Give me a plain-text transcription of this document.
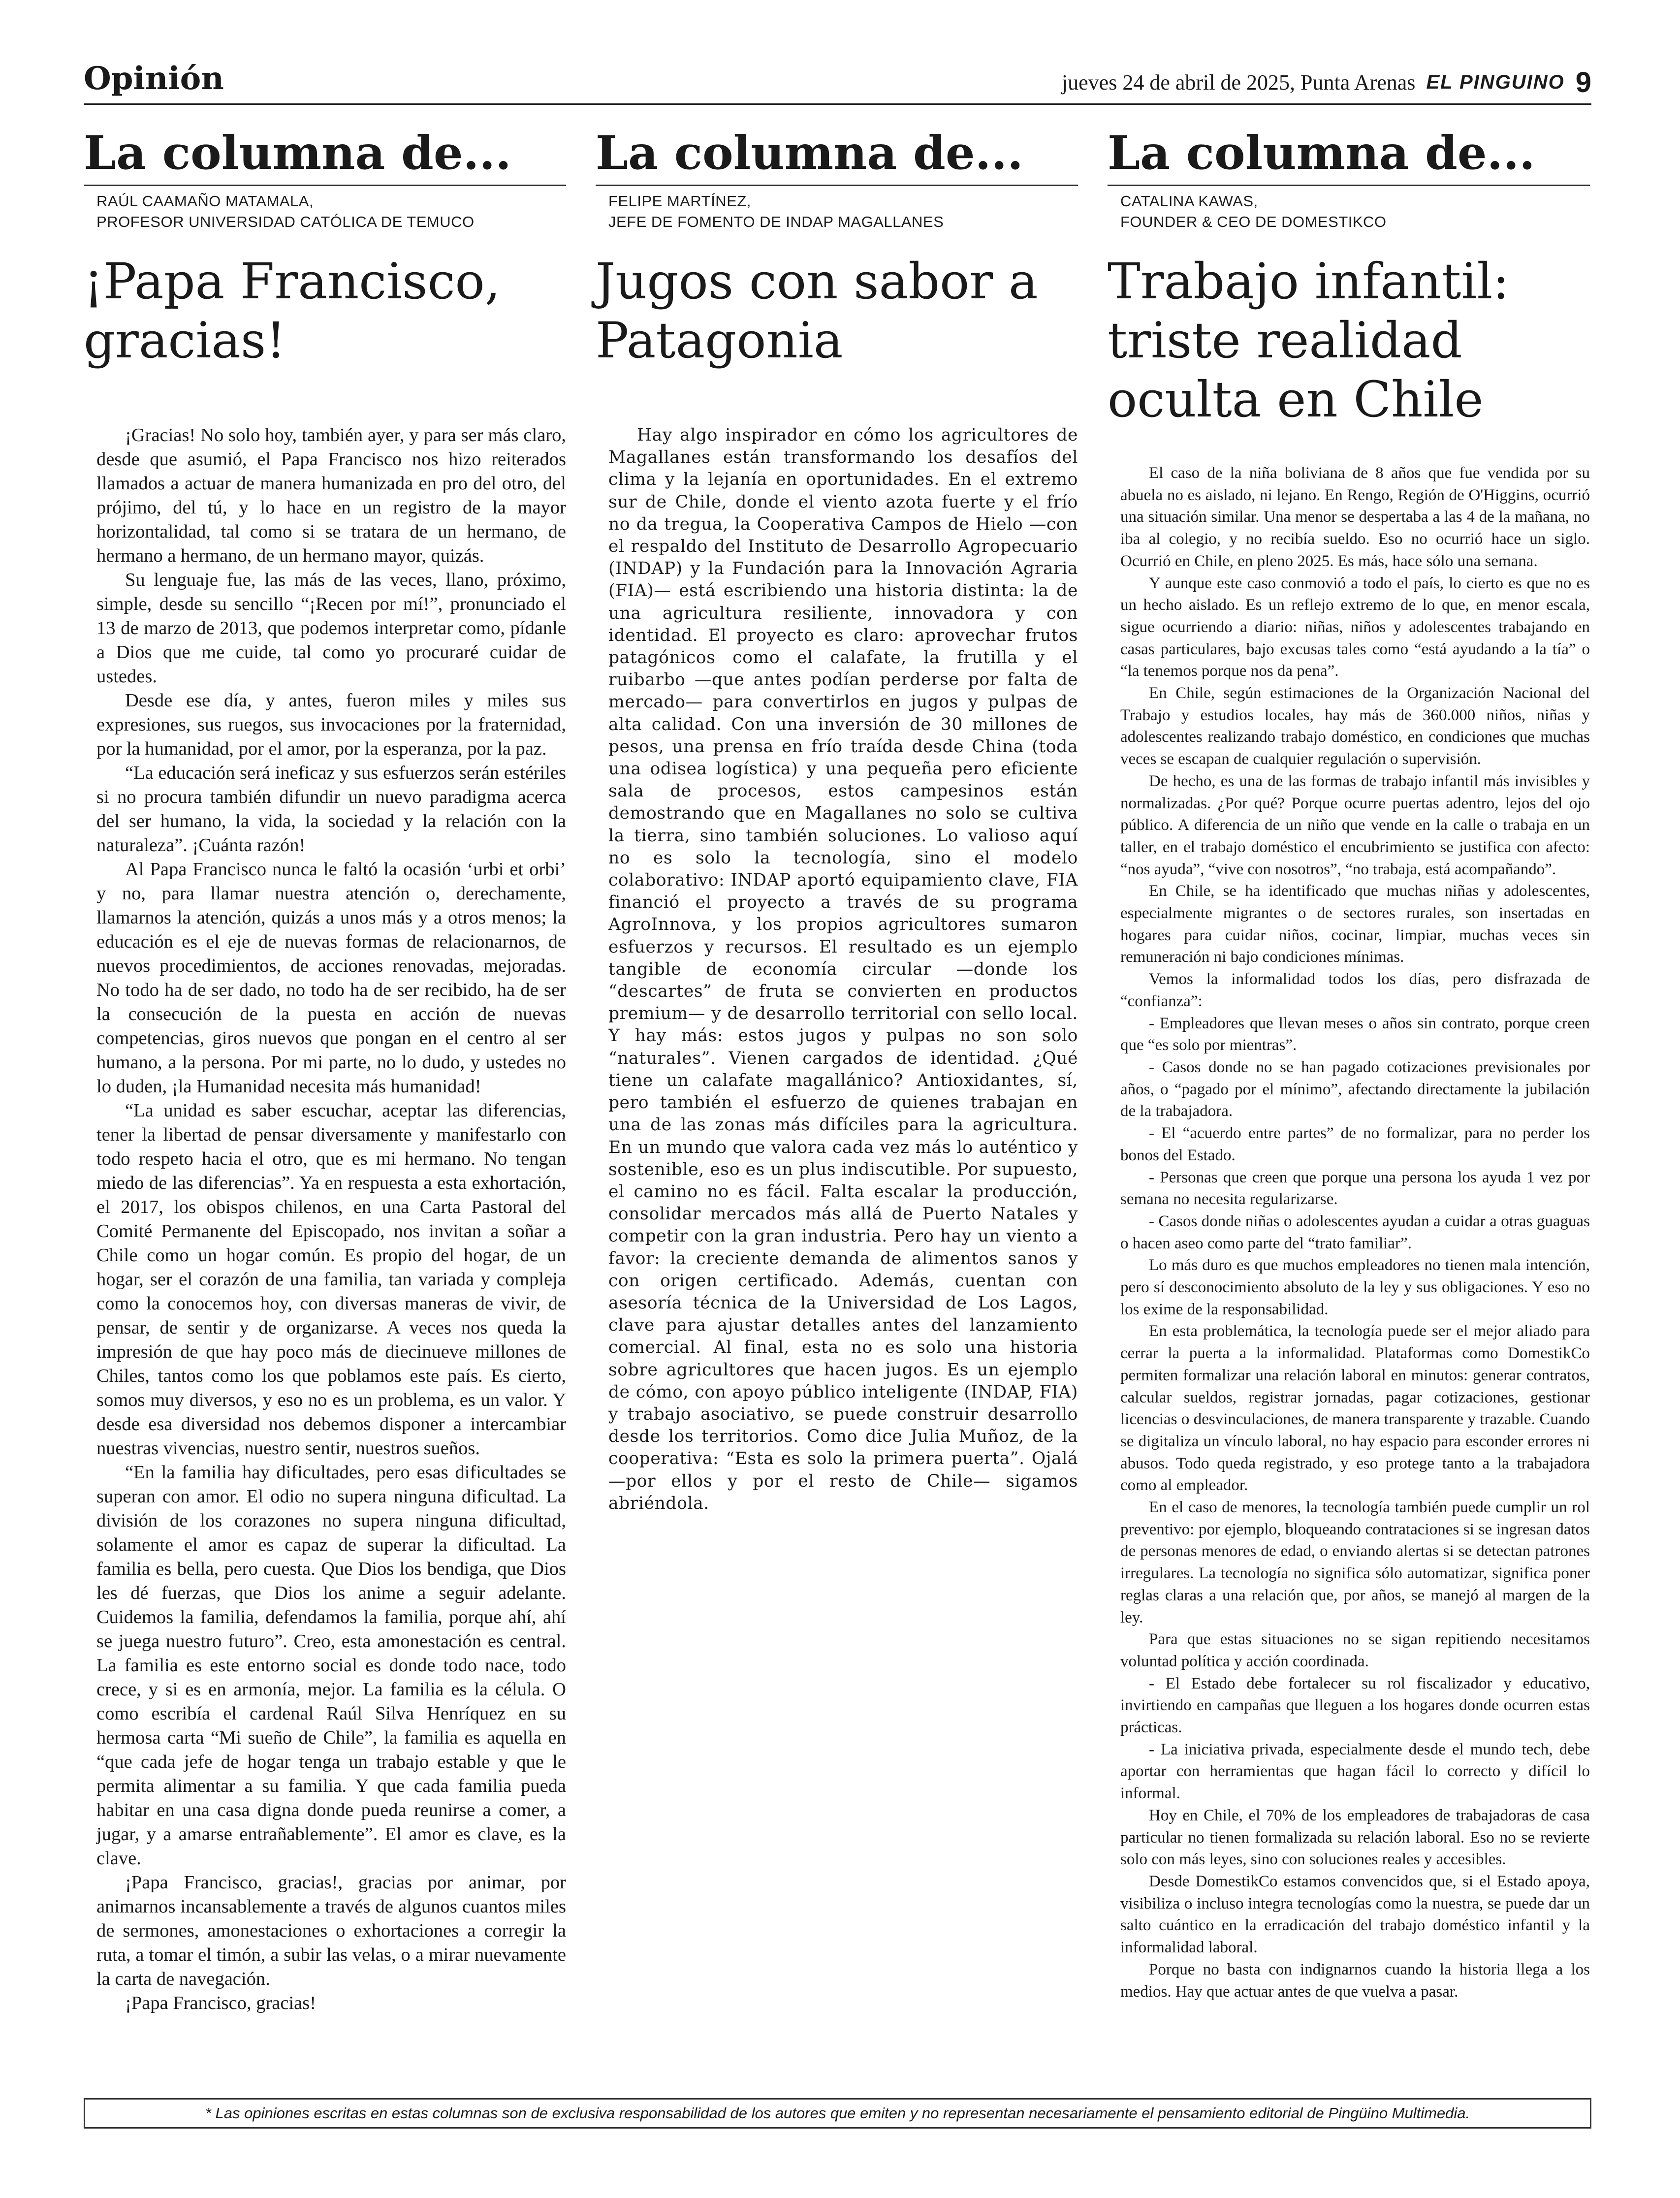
Opinión	jueves 24 de abril de 2025, Punta Arenas EL PINGUINO 9
La columna de...
RAÚL CAAMAÑO MATAMALA,
PROFESOR UNIVERSIDAD CATÓLICA DE TEMUCO
¡Papa Francisco, gracias!

¡Gracias! No solo hoy, también ayer, y para ser más claro, desde que asumió, el Papa Francisco nos hizo reiterados llamados a actuar de manera humanizada en pro del otro, del prójimo, del tú, y lo hace en un registro de la mayor horizontalidad, tal como si se tratara de un hermano, de hermano a hermano, de un hermano mayor, quizás.

Su lenguaje fue, las más de las veces, llano, próximo, simple, desde su sencillo “¡Recen por mí!”, pronunciado el 13 de marzo de 2013, que podemos interpretar como, pídanle a Dios que me cuide, tal como yo procuraré cuidar de ustedes.

Desde ese día, y antes, fueron miles y miles sus expresiones, sus ruegos, sus invocaciones por la fraternidad, por la humanidad, por el amor, por la esperanza, por la paz.

“La educación será ineficaz y sus esfuerzos serán estériles si no procura también difundir un nuevo paradigma acerca del ser humano, la vida, la sociedad y la relación con la naturaleza”. ¡Cuánta razón!

Al Papa Francisco nunca le faltó la ocasión ‘urbi et orbi’ y no, para llamar nuestra atención o, derechamente, llamarnos la atención, quizás a unos más y a otros menos; la educación es el eje de nuevas formas de relacionarnos, de nuevos procedimientos, de acciones renovadas, mejoradas. No todo ha de ser dado, no todo ha de ser recibido, ha de ser la consecución de la puesta en acción de nuevas competencias, giros nuevos que pongan en el centro al ser humano, a la persona. Por mi parte, no lo dudo, y ustedes no lo duden, ¡la Humanidad necesita más humanidad!

“La unidad es saber escuchar, aceptar las diferencias, tener la libertad de pensar diversamente y manifestarlo con todo respeto hacia el otro, que es mi hermano. No tengan miedo de las diferencias”. Ya en respuesta a esta exhortación, el 2017, los obispos chilenos, en una Carta Pastoral del Comité Permanente del Episcopado, nos invitan a soñar a Chile como un hogar común. Es propio del hogar, de un hogar, ser el corazón de una familia, tan variada y compleja como la conocemos hoy, con diversas maneras de vivir, de pensar, de sentir y de organizarse. A veces nos queda la impresión de que hay poco más de diecinueve millones de Chiles, tantos como los que poblamos este país. Es cierto, somos muy diversos, y eso no es un problema, es un valor. Y desde esa diversidad nos debemos disponer a intercambiar nuestras vivencias, nuestro sentir, nuestros sueños.

“En la familia hay dificultades, pero esas dificultades se superan con amor. El odio no supera ninguna dificultad. La división de los corazones no supera ninguna dificultad, solamente el amor es capaz de superar la dificultad. La familia es bella, pero cuesta. Que Dios los bendiga, que Dios les dé fuerzas, que Dios los anime a seguir adelante. Cuidemos la familia, defendamos la familia, porque ahí, ahí se juega nuestro futuro”. Creo, esta amonestación es central. La familia es este entorno social es donde todo nace, todo crece, y si es en armonía, mejor. La familia es la célula. O como escribía el cardenal Raúl Silva Henríquez en su hermosa carta “Mi sueño de Chile”, la familia es aquella en “que cada jefe de hogar tenga un trabajo estable y que le permita alimentar a su familia. Y que cada familia pueda habitar en una casa digna donde pueda reunirse a comer, a jugar, y a amarse entrañablemente”. El amor es clave, es la clave.

¡Papa Francisco, gracias!, gracias por animar, por animarnos incansablemente a través de algunos cuantos miles de sermones, amonestaciones o exhortaciones a corregir la ruta, a tomar el timón, a subir las velas, o a mirar nuevamente la carta de navegación.

¡Papa Francisco, gracias!

La columna de...
FELIPE MARTÍNEZ,
JEFE DE FOMENTO DE INDAP MAGALLANES
Jugos con sabor a Patagonia

Hay algo inspirador en cómo los agricultores de Magallanes están transformando los desafíos del clima y la lejanía en oportunidades. En el extremo sur de Chile, donde el viento azota fuerte y el frío no da tregua, la Cooperativa Campos de Hielo —con el respaldo del Instituto de Desarrollo Agropecuario (INDAP) y la Fundación para la Innovación Agraria (FIA)— está escribiendo una historia distinta: la de una agricultura resiliente, innovadora y con identidad. El proyecto es claro: aprovechar frutos patagónicos como el calafate, la frutilla y el ruibarbo —que antes podían perderse por falta de mercado— para convertirlos en jugos y pulpas de alta calidad. Con una inversión de 30 millones de pesos, una prensa en frío traída desde China (toda una odisea logística) y una pequeña pero eficiente sala de procesos, estos campesinos están demostrando que en Magallanes no solo se cultiva la tierra, sino también soluciones. Lo valioso aquí no es solo la tecnología, sino el modelo colaborativo: INDAP aportó equipamiento clave, FIA financió el proyecto a través de su programa AgroInnova, y los propios agricultores sumaron esfuerzos y recursos. El resultado es un ejemplo tangible de economía circular —donde los “descartes” de fruta se convierten en productos premium— y de desarrollo territorial con sello local. Y hay más: estos jugos y pulpas no son solo “naturales”. Vienen cargados de identidad. ¿Qué tiene un calafate magallánico? Antioxidantes, sí, pero también el esfuerzo de quienes trabajan en una de las zonas más difíciles para la agricultura. En un mundo que valora cada vez más lo auténtico y sostenible, eso es un plus indiscutible. Por supuesto, el camino no es fácil. Falta escalar la producción, consolidar mercados más allá de Puerto Natales y competir con la gran industria. Pero hay un viento a favor: la creciente demanda de alimentos sanos y con origen certificado. Además, cuentan con asesoría técnica de la Universidad de Los Lagos, clave para ajustar detalles antes del lanzamiento comercial. Al final, esta no es solo una historia sobre agricultores que hacen jugos. Es un ejemplo de cómo, con apoyo público inteligente (INDAP, FIA) y trabajo asociativo, se puede construir desarrollo desde los territorios. Como dice Julia Muñoz, de la cooperativa: “Esta es solo la primera puerta”. Ojalá —por ellos y por el resto de Chile— sigamos abriéndola.

La columna de...
CATALINA KAWAS,
FOUNDER & CEO DE DOMESTIKCO
Trabajo infantil: triste realidad oculta en Chile

El caso de la niña boliviana de 8 años que fue vendida por su abuela no es aislado, ni lejano. En Rengo, Región de O'Higgins, ocurrió una situación similar. Una menor se despertaba a las 4 de la mañana, no iba al colegio, y no recibía sueldo. Eso no ocurrió hace un siglo. Ocurrió en Chile, en pleno 2025. Es más, hace sólo una semana.

Y aunque este caso conmovió a todo el país, lo cierto es que no es un hecho aislado. Es un reflejo extremo de lo que, en menor escala, sigue ocurriendo a diario: niñas, niños y adolescentes trabajando en casas particulares, bajo excusas tales como “está ayudando a la tía” o “la tenemos porque nos da pena”.

En Chile, según estimaciones de la Organización Nacional del Trabajo y estudios locales, hay más de 360.000 niños, niñas y adolescentes realizando trabajo doméstico, en condiciones que muchas veces se escapan de cualquier regulación o supervisión.

De hecho, es una de las formas de trabajo infantil más invisibles y normalizadas. ¿Por qué? Porque ocurre puertas adentro, lejos del ojo público. A diferencia de un niño que vende en la calle o trabaja en un taller, en el trabajo doméstico el encubrimiento se justifica con afecto: “nos ayuda”, “vive con nosotros”, “no trabaja, está acompañando”.

En Chile, se ha identificado que muchas niñas y adolescentes, especialmente migrantes o de sectores rurales, son insertadas en hogares para cuidar niños, cocinar, limpiar, muchas veces sin remuneración ni bajo condiciones mínimas.

Vemos la informalidad todos los días, pero disfrazada de “confianza”:

- Empleadores que llevan meses o años sin contrato, porque creen que “es solo por mientras”.

- Casos donde no se han pagado cotizaciones previsionales por años, o “pagado por el mínimo”, afectando directamente la jubilación de la trabajadora.

- El “acuerdo entre partes” de no formalizar, para no perder los bonos del Estado.

- Personas que creen que porque una persona los ayuda 1 vez por semana no necesita regularizarse.

- Casos donde niñas o adolescentes ayudan a cuidar a otras guaguas o hacen aseo como parte del “trato familiar”.

Lo más duro es que muchos empleadores no tienen mala intención, pero sí desconocimiento absoluto de la ley y sus obligaciones. Y eso no los exime de la responsabilidad.

En esta problemática, la tecnología puede ser el mejor aliado para cerrar la puerta a la informalidad. Plataformas como DomestikCo permiten formalizar una relación laboral en minutos: generar contratos, calcular sueldos, registrar jornadas, pagar cotizaciones, gestionar licencias o desvinculaciones, de manera transparente y trazable. Cuando se digitaliza un vínculo laboral, no hay espacio para esconder errores ni abusos. Todo queda registrado, y eso protege tanto a la trabajadora como al empleador.

En el caso de menores, la tecnología también puede cumplir un rol preventivo: por ejemplo, bloqueando contrataciones si se ingresan datos de personas menores de edad, o enviando alertas si se detectan patrones irregulares. La tecnología no significa sólo automatizar, significa poner reglas claras a una relación que, por años, se manejó al margen de la ley.

Para que estas situaciones no se sigan repitiendo necesitamos voluntad política y acción coordinada.

- El Estado debe fortalecer su rol fiscalizador y educativo, invirtiendo en campañas que lleguen a los hogares donde ocurren estas prácticas.

- La iniciativa privada, especialmente desde el mundo tech, debe aportar con herramientas que hagan fácil lo correcto y difícil lo informal.

Hoy en Chile, el 70% de los empleadores de trabajadoras de casa particular no tienen formalizada su relación laboral. Eso no se revierte solo con más leyes, sino con soluciones reales y accesibles.

Desde DomestikCo estamos convencidos que, si el Estado apoya, visibiliza o incluso integra tecnologías como la nuestra, se puede dar un salto cuántico en la erradicación del trabajo doméstico infantil y la informalidad laboral.

Porque no basta con indignarnos cuando la historia llega a los medios. Hay que actuar antes de que vuelva a pasar.

* Las opiniones escritas en estas columnas son de exclusiva responsabilidad de los autores que emiten y no representan necesariamente el pensamiento editorial de Pingüino Multimedia.
